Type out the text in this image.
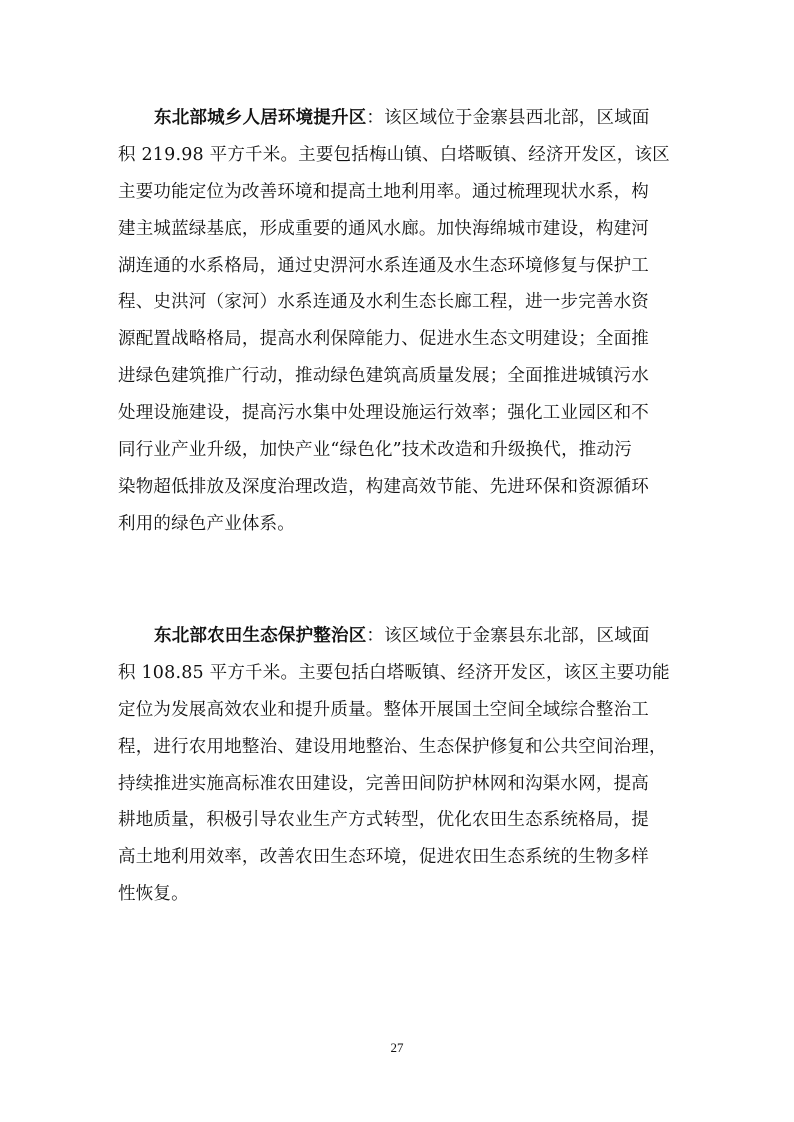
东北部城乡人居环境提升区：该区域位于金寨县西北部，区域面
积 219.98 平方千米。主要包括梅山镇、白塔畈镇、经济开发区，该区
主要功能定位为改善环境和提高土地利用率。通过梳理现状水系，构
建主城蓝绿基底，形成重要的通风水廊。加快海绵城市建设，构建河
湖连通的水系格局，通过史淠河水系连通及水生态环境修复与保护工
程、史洪河（家河）水系连通及水利生态长廊工程，进一步完善水资
源配置战略格局，提高水利保障能力、促进水生态文明建设；全面推
进绿色建筑推广行动，推动绿色建筑高质量发展；全面推进城镇污水
处理设施建设，提高污水集中处理设施运行效率；强化工业园区和不
同行业产业升级，加快产业“绿色化”技术改造和升级换代，推动污
染物超低排放及深度治理改造，构建高效节能、先进环保和资源循环
利用的绿色产业体系。
东北部农田生态保护整治区：该区域位于金寨县东北部，区域面
积 108.85 平方千米。主要包括白塔畈镇、经济开发区，该区主要功能
定位为发展高效农业和提升质量。整体开展国土空间全域综合整治工
程，进行农用地整治、建设用地整治、生态保护修复和公共空间治理，
持续推进实施高标准农田建设，完善田间防护林网和沟渠水网，提高
耕地质量，积极引导农业生产方式转型，优化农田生态系统格局，提
高土地利用效率，改善农田生态环境，促进农田生态系统的生物多样
性恢复。
27
